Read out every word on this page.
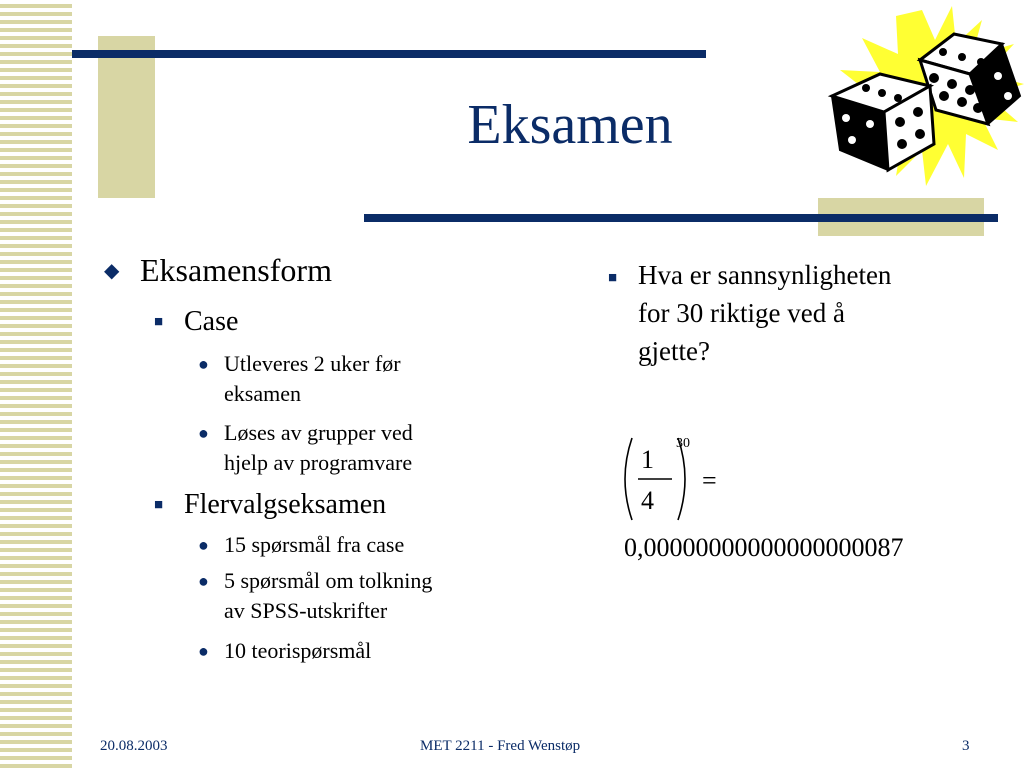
Eksamen
◆ Eksamensform
■ Case
● Utleveres 2 uker før
eksamen
● Løses av grupper ved
hjelp av programvare
■ Flervalgseksamen
● 15 spørsmål fra case
● 5 spørsmål om tolkning
av SPSS-utskrifter
● 10 teorispørsmål
■ Hva er sannsynligheten
for 30 riktige ved å
gjette?
1
4
30
=
0,00000000000000000087
20.08.2003	MET 2211 - Fred Wenstøp	3
